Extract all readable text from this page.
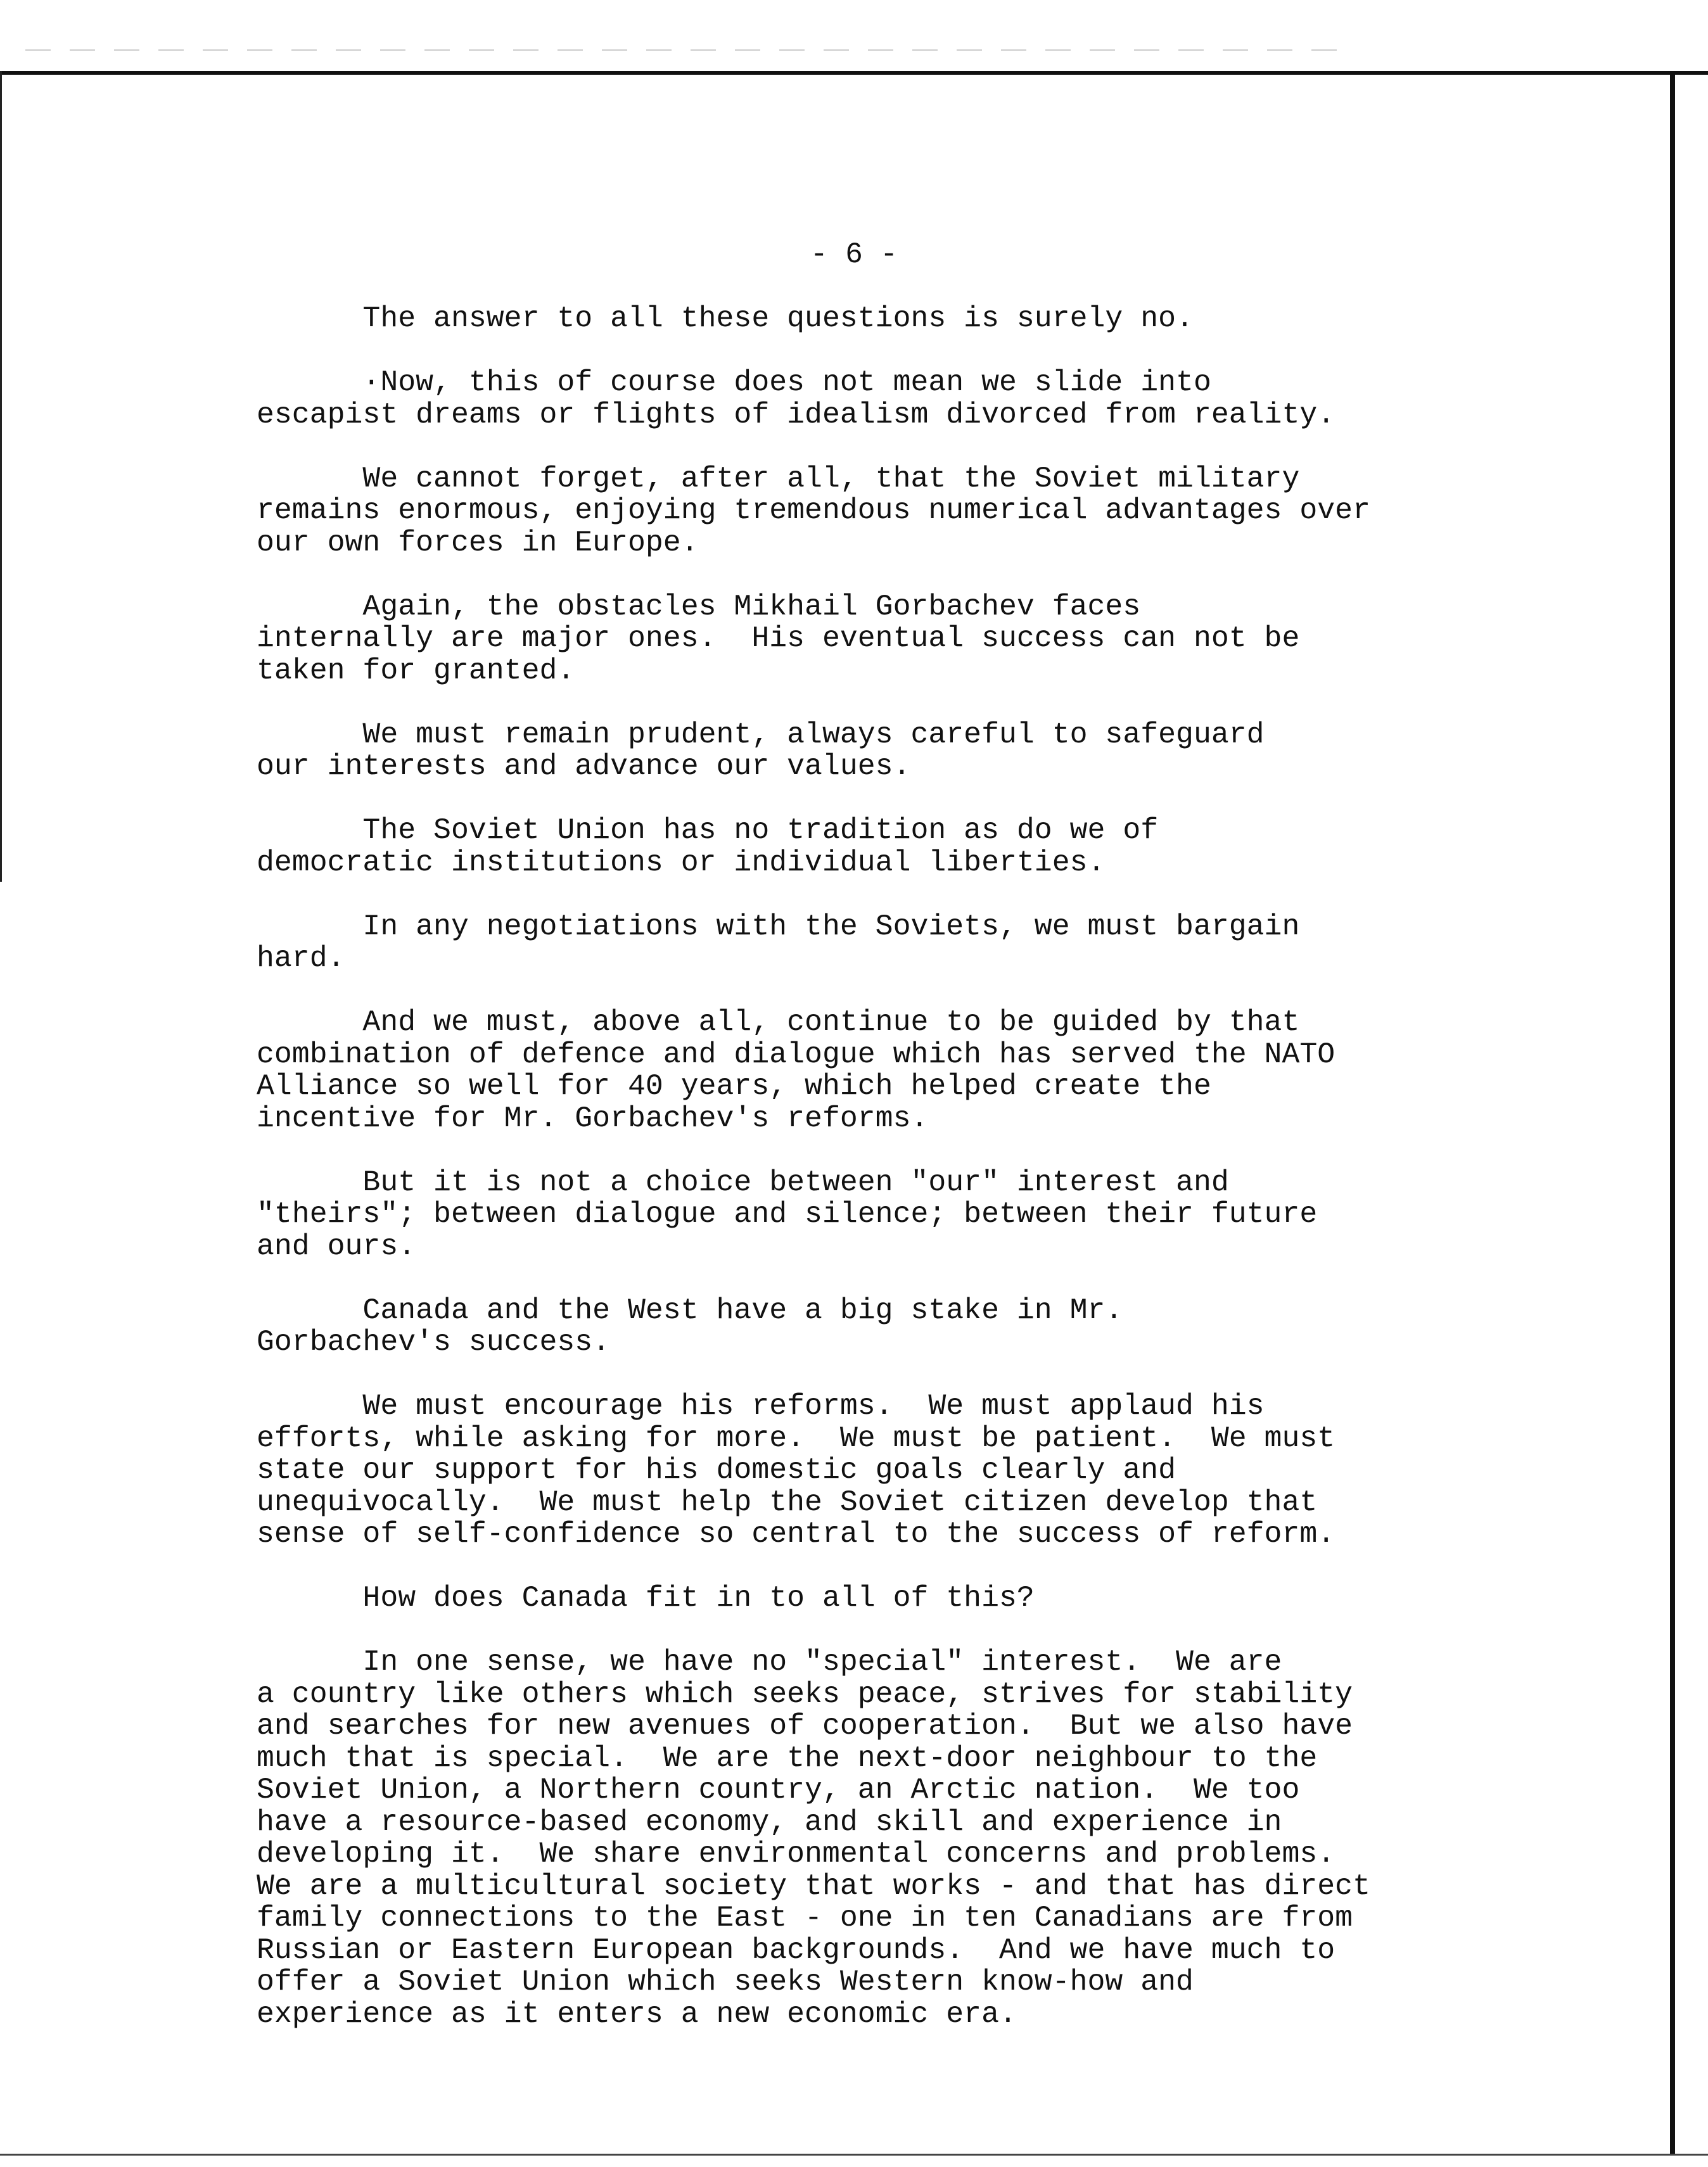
- 6 -
The answer to all these questions is surely no.
·Now, this of course does not mean we slide into
escapist dreams or flights of idealism divorced from reality.
We cannot forget, after all, that the Soviet military
remains enormous, enjoying tremendous numerical advantages over
our own forces in Europe.
Again, the obstacles Mikhail Gorbachev faces
internally are major ones.  His eventual success can not be
taken for granted.
We must remain prudent, always careful to safeguard
our interests and advance our values.
The Soviet Union has no tradition as do we of
democratic institutions or individual liberties.
In any negotiations with the Soviets, we must bargain
hard.
And we must, above all, continue to be guided by that
combination of defence and dialogue which has served the NATO
Alliance so well for 40 years, which helped create the
incentive for Mr. Gorbachev's reforms.
But it is not a choice between "our" interest and
"theirs"; between dialogue and silence; between their future
and ours.
Canada and the West have a big stake in Mr.
Gorbachev's success.
We must encourage his reforms.  We must applaud his
efforts, while asking for more.  We must be patient.  We must
state our support for his domestic goals clearly and
unequivocally.  We must help the Soviet citizen develop that
sense of self-confidence so central to the success of reform.
How does Canada fit in to all of this?
In one sense, we have no "special" interest.  We are
a country like others which seeks peace, strives for stability
and searches for new avenues of cooperation.  But we also have
much that is special.  We are the next-door neighbour to the
Soviet Union, a Northern country, an Arctic nation.  We too
have a resource-based economy, and skill and experience in
developing it.  We share environmental concerns and problems.
We are a multicultural society that works - and that has direct
family connections to the East - one in ten Canadians are from
Russian or Eastern European backgrounds.  And we have much to
offer a Soviet Union which seeks Western know-how and
experience as it enters a new economic era.
